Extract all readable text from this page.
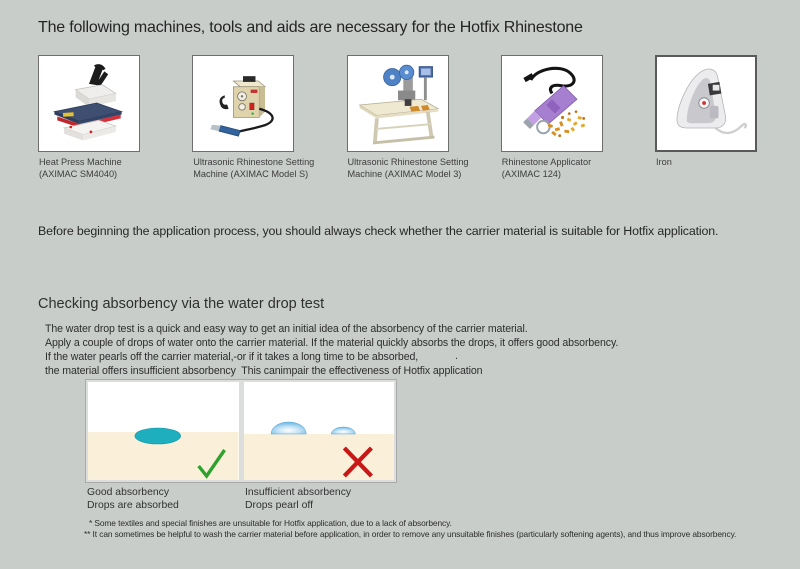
The following machines, tools and aids are necessary for the Hotfix Rhinestone
Heat Press Machine
(AXIMAC SM4040)
Ultrasonic Rhinestone Setting
Machine (AXIMAC Model S)
Ultrasonic Rhinestone Setting
Machine (AXIMAC Model 3)
Rhinestone Applicator
(AXIMAC 124)
Iron
Before beginning the application process, you should always check whether the carrier material is suitable for Hotfix application.
Checking absorbency via the water drop test

The water drop test is a quick and easy way to get an initial idea of the absorbency of the carrier material.

Apply a couple of drops of water onto the carrier material. If the material quickly absorbs the drops, it offers good absorbency.

If the water pearls off the carrier material,-or if it takes a long time to be absorbed,

the material offers insufficient absorbency  This canimpair the effectiveness of Hotfix application

.
Good absorbency
Drops are absorbed
Insufficient absorbency
Drops pearl off

* Some textiles and special finishes are unsuitable for Hotfix application, due to a lack of absorbency.

** It can sometimes be helpful to wash the carrier material before application, in order to remove any unsuitable finishes (particularly softening agents), and thus improve absorbency.
